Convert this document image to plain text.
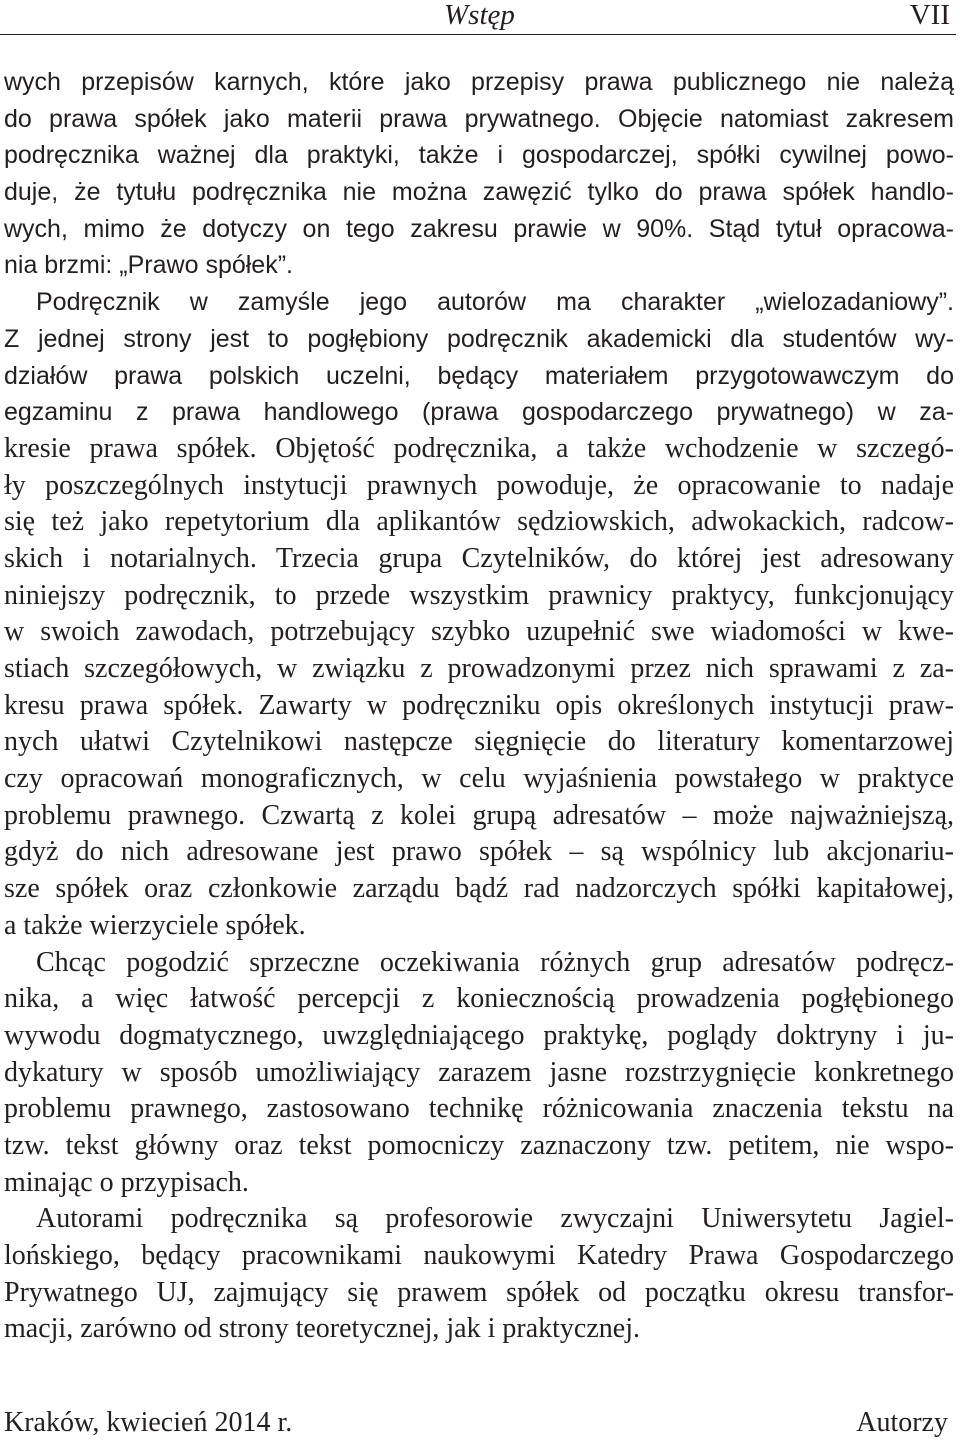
Wstęp	VII
wych przepisów karnych, które jako przepisy prawa publicznego nie należą
do prawa spółek jako materii prawa prywatnego. Objęcie natomiast zakresem
podręcznika ważnej dla praktyki, także i gospodarczej, spółki cywilnej powo-
duje, że tytułu podręcznika nie można zawęzić tylko do prawa spółek handlo-
wych, mimo że dotyczy on tego zakresu prawie w 90%. Stąd tytuł opracowa-
nia brzmi: „Prawo spółek”.
Podręcznik w zamyśle jego autorów ma charakter „wielozadaniowy”.
Z jednej strony jest to pogłębiony podręcznik akademicki dla studentów wy-
działów prawa polskich uczelni, będący materiałem przygotowawczym do
egzaminu z prawa handlowego (prawa gospodarczego prywatnego) w za-
kresie prawa spółek. Objętość podręcznika, a także wchodzenie w szczegó-
ły poszczególnych instytucji prawnych powoduje, że opracowanie to nadaje
się też jako repetytorium dla aplikantów sędziowskich, adwokackich, radcow-
skich i notarialnych. Trzecia grupa Czytelników, do której jest adresowany
niniejszy podręcznik, to przede wszystkim prawnicy praktycy, funkcjonujący
w swoich zawodach, potrzebujący szybko uzupełnić swe wiadomości w kwe-
stiach szczegółowych, w związku z prowadzonymi przez nich sprawami z za-
kresu prawa spółek. Zawarty w podręczniku opis określonych instytucji praw-
nych ułatwi Czytelnikowi następcze sięgnięcie do literatury komentarzowej
czy opracowań monograficznych, w celu wyjaśnienia powstałego w praktyce
problemu prawnego. Czwartą z kolei grupą adresatów – może najważniejszą,
gdyż do nich adresowane jest prawo spółek – są wspólnicy lub akcjonariu-
sze spółek oraz członkowie zarządu bądź rad nadzorczych spółki kapitałowej,
a także wierzyciele spółek.
Chcąc pogodzić sprzeczne oczekiwania różnych grup adresatów podręcz-
nika, a więc łatwość percepcji z koniecznością prowadzenia pogłębionego
wywodu dogmatycznego, uwzględniającego praktykę, poglądy doktryny i ju-
dykatury w sposób umożliwiający zarazem jasne rozstrzygnięcie konkretnego
problemu prawnego, zastosowano technikę różnicowania znaczenia tekstu na
tzw. tekst główny oraz tekst pomocniczy zaznaczony tzw. petitem, nie wspo-
minając o przypisach.
Autorami podręcznika są profesorowie zwyczajni Uniwersytetu Jagiel-
lońskiego, będący pracownikami naukowymi Katedry Prawa Gospodarczego
Prywatnego UJ, zajmujący się prawem spółek od początku okresu transfor-
macji, zarówno od strony teoretycznej, jak i praktycznej.
Kraków, kwiecień 2014 r.	Autorzy
